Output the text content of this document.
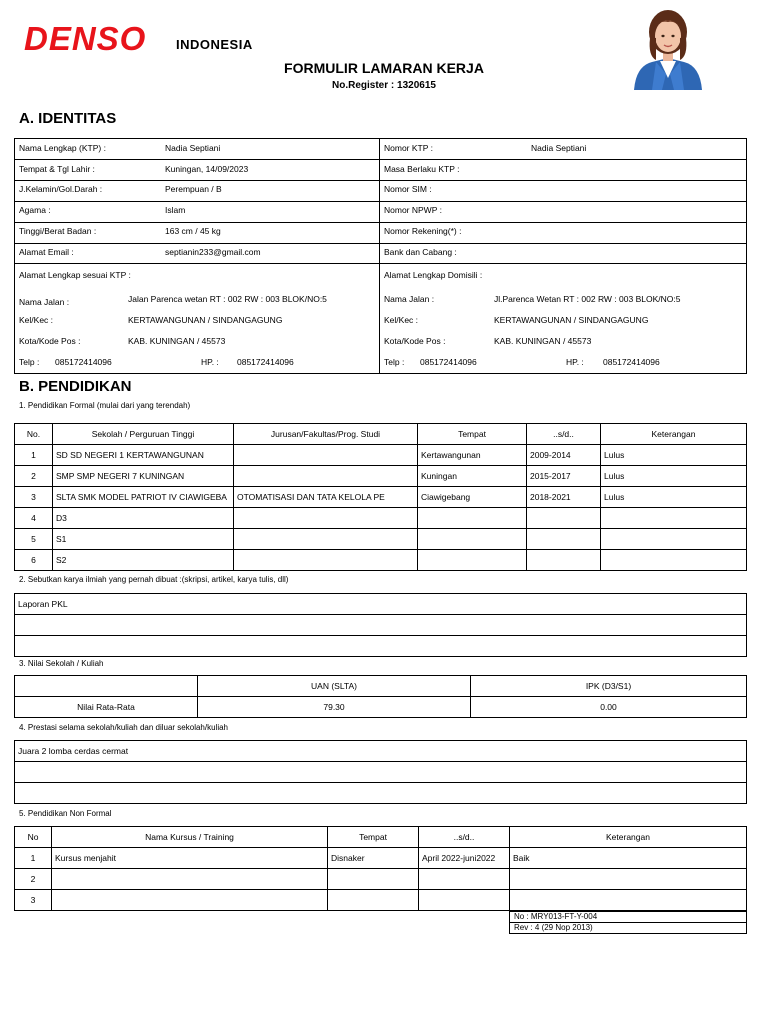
DENSO INDONESIA
FORMULIR LAMARAN KERJA
No.Register : 1320615
A. IDENTITAS
Nama Lengkap (KTP) :	Nadia Septiani
Tempat & Tgl Lahir :	Kuningan, 14/09/2023
J.Kelamin/Gol.Darah :	Perempuan / B
Agama :	Islam
Tinggi/Berat Badan :	163 cm / 45 kg
Alamat Email :	septianin233@gmail.com
Nomor KTP :	Nadia Septiani
Masa Berlaku KTP :
Nomor SIM :
Nomor NPWP :
Nomor Rekening(*) :
Bank dan Cabang :
Alamat Lengkap sesuai KTP :
Nama Jalan :	Jalan Parenca wetan RT : 002 RW : 003 BLOK/NO:5
Kel/Kec :	KERTAWANGUNAN / SINDANGAGUNG
Kota/Kode Pos :	KAB. KUNINGAN / 45573
Telp : 085172414096	HP. : 085172414096
Alamat Lengkap Domisili :
Nama Jalan :	Jl.Parenca Wetan RT : 002 RW : 003 BLOK/NO:5
Kel/Kec :	KERTAWANGUNAN / SINDANGAGUNG
Kota/Kode Pos :	KAB. KUNINGAN / 45573
Telp : 085172414096	HP. : 085172414096
B. PENDIDIKAN
1. Pendidikan Formal (mulai dari yang terendah)
No.	Sekolah / Perguruan Tinggi	Jurusan/Fakultas/Prog. Studi	Tempat	..s/d..	Keterangan
1	SD SD NEGERI 1 KERTAWANGUNAN		Kertawangunan	2009-2014	Lulus
2	SMP SMP NEGERI 7 KUNINGAN		Kuningan	2015-2017	Lulus
3	SLTA SMK MODEL PATRIOT IV CIAWIGEBA	OTOMATISASI DAN TATA KELOLA PE	Ciawigebang	2018-2021	Lulus
4	D3				
5	S1				
6	S2				
2. Sebutkan karya ilmiah yang pernah dibuat :(skripsi, artikel, karya tulis, dll)
Laporan PKL

3. Nilai Sekolah / Kuliah
	UAN (SLTA)	IPK (D3/S1)
Nilai Rata-Rata	79.30	0.00
4. Prestasi selama sekolah/kuliah dan diluar sekolah/kuliah
Juara 2 lomba cerdas cermat

5. Pendidikan Non Formal
No	Nama Kursus / Training	Tempat	..s/d..	Keterangan
1	Kursus menjahit	Disnaker	April 2022-juni2022	Baik
2				
3				
No : MRY013-FT-Y-004
Rev : 4 (29 Nop 2013)
